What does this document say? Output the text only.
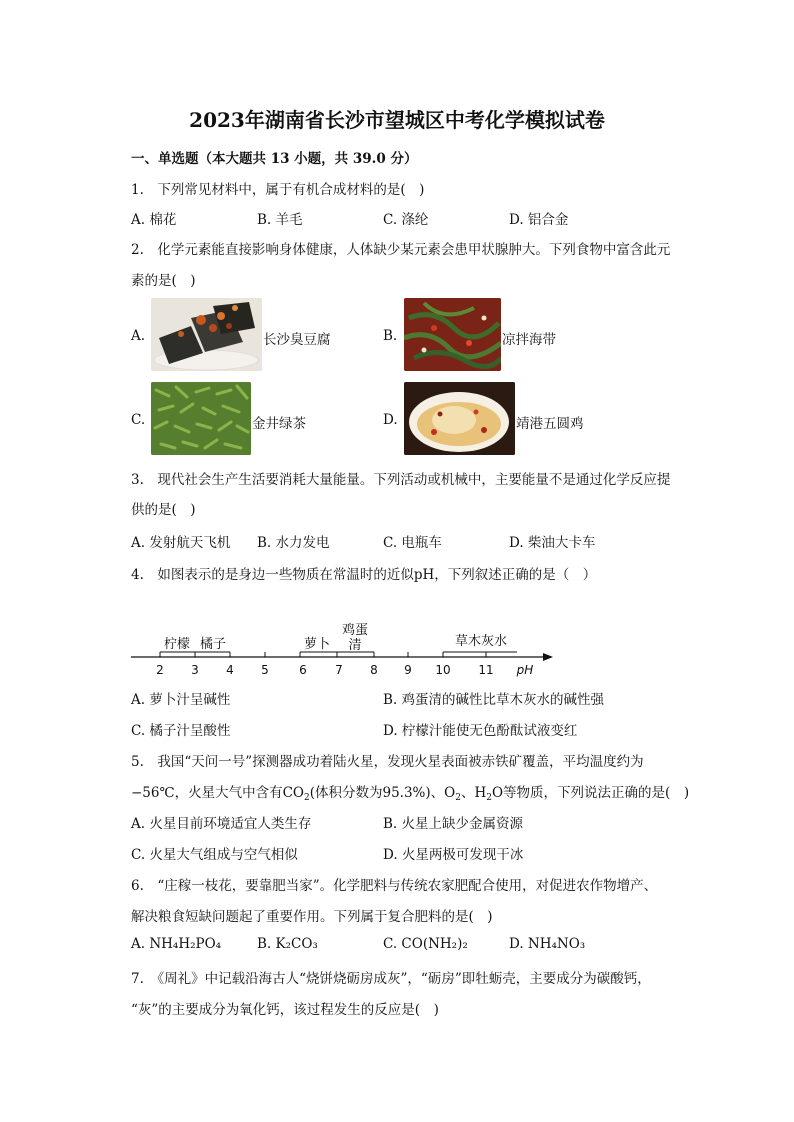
2023年湖南省长沙市望城区中考化学模拟试卷
一、单选题（本大题共 13 小题，共 39.0 分）
1.　下列常见材料中，属于有机合成材料的是(　)
A. 棉花	B. 羊毛	C. 涤纶	D. 铝合金
2.　化学元素能直接影响身体健康，人体缺少某元素会患甲状腺肿大。下列食物中富含此元
素的是(　)
A.	长沙臭豆腐	B.	凉拌海带
C.	金井绿茶	D.	靖港五圆鸡
3.　现代社会生产生活要消耗大量能量。下列活动或机械中，主要能量不是通过化学反应提
供的是(　)
A. 发射航天飞机 B. 水力发电	C. 电瓶车	D. 柴油大卡车
4.　如图表示的是身边一些物质在常温时的近似pH，下列叙述正确的是（　）
柠檬 橘子	萝卜
鸡蛋
清	草木灰水
2 3 4 5	6 7 8 9 10 11 pH
A. 萝卜汁呈碱性	B. 鸡蛋清的碱性比草木灰水的碱性强
C. 橘子汁呈酸性	D. 柠檬汁能使无色酚酞试液变红
5.　我国“天问一号”探测器成功着陆火星，发现火星表面被赤铁矿覆盖，平均温度约为
−56℃，火星大气中含有$CO_2$(体积分数为95.3%)、$O_2$、$H_2O$等物质，下列说法正确的是(　)
A. 火星目前环境适宜人类生存	B. 火星上缺少金属资源
C. 火星大气组成与空气相似	D. 火星两极可发现干冰
6.　“庄稼一枝花，要靠肥当家”。化学肥料与传统农家肥配合使用，对促进农作物增产、
解决粮食短缺问题起了重要作用。下列属于复合肥料的是(　)
A. NH₄H₂PO₄	B. K₂CO₃	C. CO(NH₂)₂	D. NH₄NO₃
7.　《周礼》中记载沿海古人“烧饼烧砺房成灰”，“砺房”即牡蛎壳，主要成分为碳酸钙，
“灰”的主要成分为氧化钙，该过程发生的反应是(　)
